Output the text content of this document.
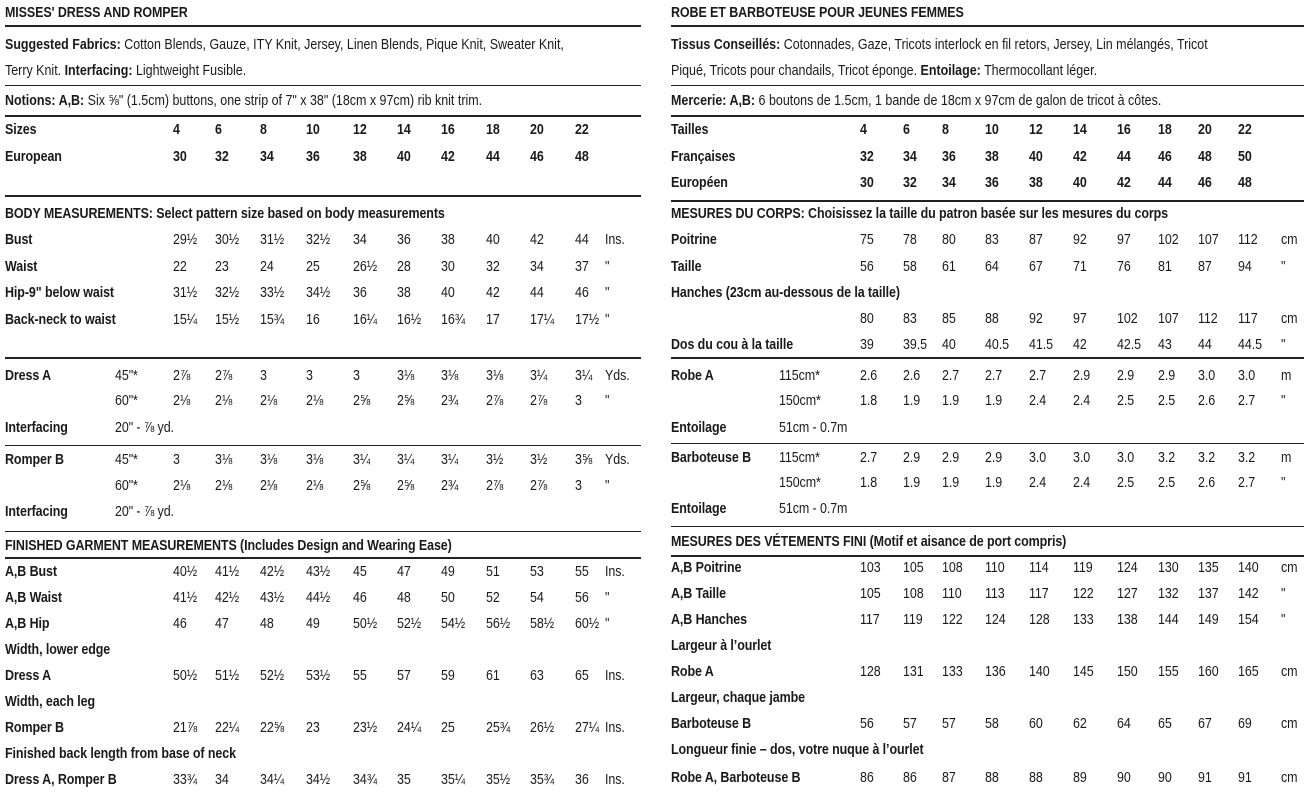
MISSES' DRESS AND ROMPER
Suggested Fabrics: Cotton Blends, Gauze, ITY Knit, Jersey, Linen Blends, Pique Knit, Sweater Knit,
Terry Knit. Interfacing: Lightweight Fusible.
Notions: A,B: Six ⅝" (1.5cm) buttons, one strip of 7" x 38" (18cm x 97cm) rib knit trim.
Sizes	4 6	8	10 12 14 16 18 20 22
European	30 32 34 36 38 40 42 44 46 48
BODY MEASUREMENTS: Select pattern size based on body measurements
Bust	29½ 30½ 31½ 32½ 34 36 38 40 42 44 Ins.
Waist	22 23 24 25 26½ 28 30 32 34 37 "
Hip-9" below waist	31½ 32½ 33½ 34½ 36 38 40 42 44 46 "
Back-neck to waist	15¼ 15½ 15¾ 16 16¼ 16½ 16¾ 17 17¼ 17½ "
Dress A	45"* 2⅞ 2⅞ 3	3	3	3⅛ 3⅛ 3⅛ 3¼ 3¼ Yds.
60"* 2⅛ 2⅛ 2⅛ 2⅛ 2⅝ 2⅝ 2¾ 2⅞ 2⅞ 3 "
Interfacing	20" - ⅞ yd.
Romper B	45"* 3 3⅛ 3⅛ 3⅛ 3¼ 3¼ 3¼ 3½ 3½ 3⅝ Yds.
60"* 2⅛ 2⅛ 2⅛ 2⅛ 2⅝ 2⅝ 2¾ 2⅞ 2⅞ 3 "
Interfacing	20" - ⅞ yd.
FINISHED GARMENT MEASUREMENTS (Includes Design and Wearing Ease)
A,B Bust	40½ 41½ 42½ 43½ 45 47 49 51 53 55 Ins.
A,B Waist	41½ 42½ 43½ 44½ 46 48 50 52 54 56 "
A,B Hip	46 47 48 49 50½ 52½ 54½ 56½ 58½ 60½ "
Width, lower edge
Dress A	50½ 51½ 52½ 53½ 55 57 59 61 63 65 Ins.
Width, each leg
Romper B	21⅞ 22¼ 22⅝ 23 23½ 24¼ 25 25¾ 26½ 27¼ Ins.
Finished back length from base of neck
Dress A, Romper B	33¾ 34 34¼ 34½ 34¾ 35 35¼ 35½ 35¾ 36 Ins.
ROBE ET BARBOTEUSE POUR JEUNES FEMMES
Tissus Conseillés: Cotonnades, Gaze, Tricots interlock en fil retors, Jersey, Lin mélangés, Tricot
Piqué, Tricots pour chandails, Tricot éponge. Entoilage: Thermocollant léger.
Mercerie: A,B: 6 boutons de 1.5cm, 1 bande de 18cm x 97cm de galon de tricot à côtes.
Tailles	4 6 8 10 12 14 16 18 20 22
Françaises	32 34 36 38 40 42 44 46 48 50
Européen	30 32 34 36 38 40 42 44 46 48
MESURES DU CORPS: Choisissez la taille du patron basée sur les mesures du corps
Poitrine	75 78 80 83 87 92 97 102 107 112 cm
Taille	56 58 61 64 67 71 76 81 87 94 "
Hanches (23cm au-dessous de la taille)
80 83 85 88 92 97 102 107 112 117 cm
Dos du cou à la taille	39 39.5 40 40.5 41.5 42 42.5 43 44 44.5 "
Robe A	115cm*	2.6 2.6 2.7 2.7 2.7 2.9 2.9 2.9 3.0 3.0 m
150cm*	1.8 1.9 1.9 1.9 2.4 2.4 2.5 2.5 2.6 2.7 "
Entoilage	51cm - 0.7m
Barboteuse B 115cm*	2.7 2.9 2.9 2.9 3.0 3.0 3.0 3.2 3.2 3.2 m
150cm*	1.8 1.9 1.9 1.9 2.4 2.4 2.5 2.5 2.6 2.7 "
Entoilage	51cm - 0.7m
MESURES DES VÉTEMENTS FINI (Motif et aisance de port compris)
A,B Poitrine	103 105 108 110 114 119 124 130 135 140 cm
A,B Taille	105 108 110 113 117 122 127 132 137 142 "
A,B Hanches	117 119 122 124 128 133 138 144 149 154 "
Largeur à l’ourlet
Robe A	128 131 133 136 140 145 150 155 160 165 cm
Largeur, chaque jambe
Barboteuse B	56 57 57 58 60 62 64 65 67 69 cm
Longueur finie – dos, votre nuque à l’ourlet
Robe A, Barboteuse B	86 86 87 88 88 89 90 90 91 91 cm
